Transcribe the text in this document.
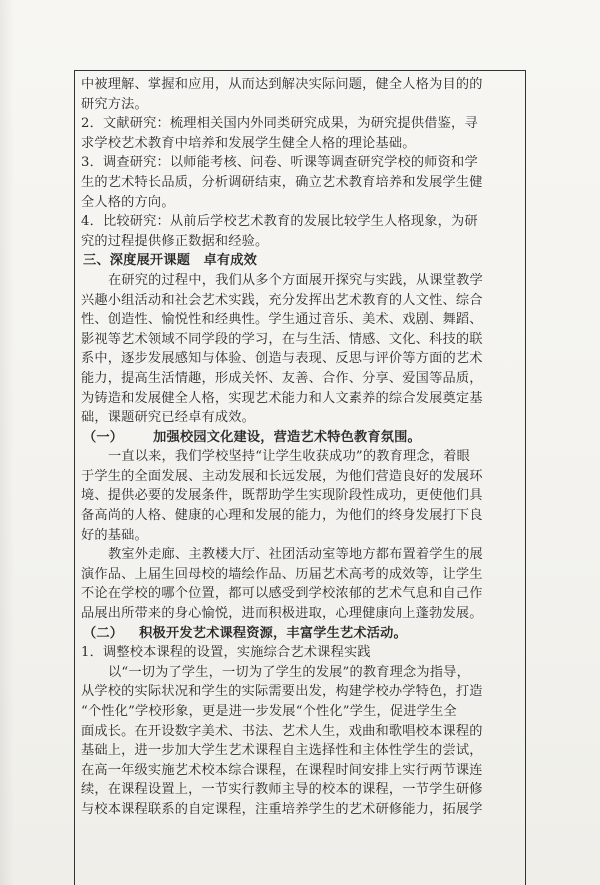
中被理解、掌握和应用，从而达到解决实际问题，健全人格为目的的
研究方法。
2．文献研究：梳理相关国内外同类研究成果，为研究提供借鉴，寻
求学校艺术教育中培养和发展学生健全人格的理论基础。
3．调查研究：以师能考核、问卷、听课等调查研究学校的师资和学
生的艺术特长品质，分析调研结束，确立艺术教育培养和发展学生健
全人格的方向。
4．比较研究：从前后学校艺术教育的发展比较学生人格现象，为研
究的过程提供修正数据和经验。
三、深度展开课题　卓有成效
在研究的过程中，我们从多个方面展开探究与实践，从课堂教学
兴趣小组活动和社会艺术实践，充分发挥出艺术教育的人文性、综合
性、创造性、愉悦性和经典性。学生通过音乐、美术、戏剧、舞蹈、
影视等艺术领域不同学段的学习，在与生活、情感、文化、科技的联
系中，逐步发展感知与体验、创造与表现、反思与评价等方面的艺术
能力，提高生活情趣，形成关怀、友善、合作、分享、爱国等品质，
为铸造和发展健全人格，实现艺术能力和人文素养的综合发展奠定基
础，课题研究已经卓有成效。
（一） 加强校园文化建设，营造艺术特色教育氛围。
一直以来，我们学校坚持“让学生收获成功”的教育理念，着眼
于学生的全面发展、主动发展和长远发展，为他们营造良好的发展环
境、提供必要的发展条件，既帮助学生实现阶段性成功，更使他们具
备高尚的人格、健康的心理和发展的能力，为他们的终身发展打下良
好的基础。
教室外走廊、主教楼大厅、社团活动室等地方都布置着学生的展
演作品、上届生回母校的墙绘作品、历届艺术高考的成效等，让学生
不论在学校的哪个位置，都可以感受到学校浓郁的艺术气息和自己作
品展出所带来的身心愉悦，进而积极进取，心理健康向上蓬勃发展。
（二） 积极开发艺术课程资源，丰富学生艺术活动。
1．调整校本课程的设置，实施综合艺术课程实践
以“一切为了学生，一切为了学生的发展”的教育理念为指导，
从学校的实际状况和学生的实际需要出发，构建学校办学特色，打造
“个性化”学校形象，更是进一步发展“个性化”学生，促进学生全
面成长。在开设数字美术、书法、艺术人生，戏曲和歌唱校本课程的
基础上，进一步加大学生艺术课程自主选择性和主体性学生的尝试，
在高一年级实施艺术校本综合课程，在课程时间安排上实行两节课连
续，在课程设置上，一节实行教师主导的校本的课程，一节学生研修
与校本课程联系的自定课程，注重培养学生的艺术研修能力，拓展学
